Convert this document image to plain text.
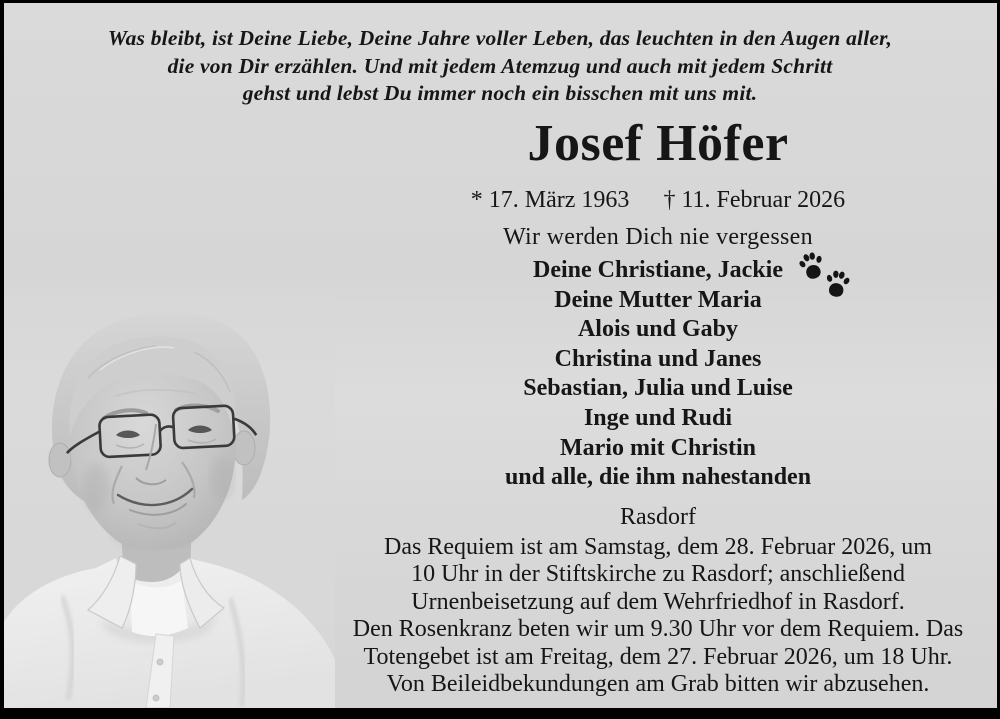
Was bleibt, ist Deine Liebe, Deine Jahre voller Leben, das leuchten in den Augen aller,
die von Dir erzählen. Und mit jedem Atemzug und auch mit jedem Schritt
gehst und lebst Du immer noch ein bisschen mit uns mit.
Josef Höfer
* 17. März 1963 † 11. Februar 2026
Wir werden Dich nie vergessen
Deine Christiane, Jackie
Deine Mutter Maria
Alois und Gaby
Christina und Janes
Sebastian, Julia und Luise
Inge und Rudi
Mario mit Christin
und alle, die ihm nahestanden
Rasdorf
Das Requiem ist am Samstag, dem 28. Februar 2026, um
10 Uhr in der Stiftskirche zu Rasdorf; anschließend
Urnenbeisetzung auf dem Wehrfriedhof in Rasdorf.
Den Rosenkranz beten wir um 9.30 Uhr vor dem Requiem. Das
Totengebet ist am Freitag, dem 27. Februar 2026, um 18 Uhr.
Von Beileidbekundungen am Grab bitten wir abzusehen.
